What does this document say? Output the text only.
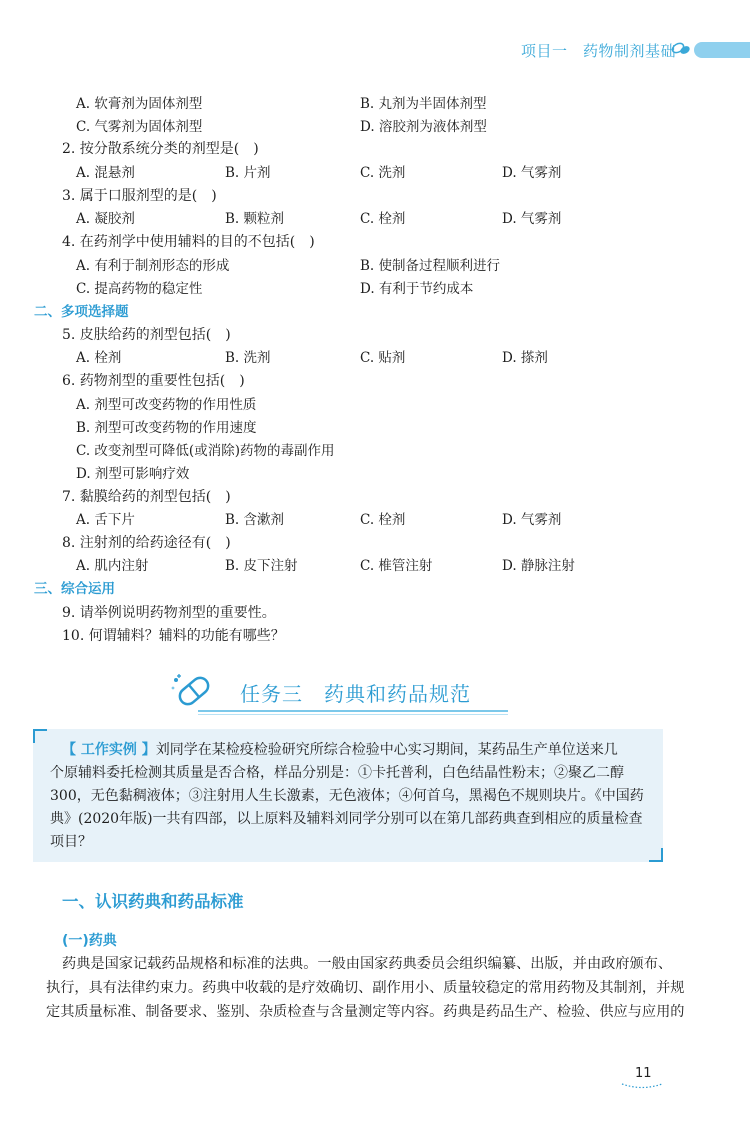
项目一　药物制剂基础
A. 软膏剂为固体剂型	B. 丸剂为半固体剂型
C. 气雾剂为固体剂型	D. 溶胶剂为液体剂型
2. 按分散系统分类的剂型是(　)
A. 混悬剂	B. 片剂	C. 洗剂	D. 气雾剂
3. 属于口服剂型的是(　)
A. 凝胶剂	B. 颗粒剂	C. 栓剂	D. 气雾剂
4. 在药剂学中使用辅料的目的不包括(　)
A. 有利于制剂形态的形成	B. 使制备过程顺利进行
C. 提高药物的稳定性	D. 有利于节约成本
二、多项选择题
5. 皮肤给药的剂型包括(　)
A. 栓剂	B. 洗剂	C. 贴剂	D. 搽剂
6. 药物剂型的重要性包括(　)
A. 剂型可改变药物的作用性质
B. 剂型可改变药物的作用速度
C. 改变剂型可降低(或消除)药物的毒副作用
D. 剂型可影响疗效
7. 黏膜给药的剂型包括(　)
A. 舌下片	B. 含漱剂	C. 栓剂	D. 气雾剂
8. 注射剂的给药途径有(　)
A. 肌内注射	B. 皮下注射	C. 椎管注射	D. 静脉注射
三、综合运用
9. 请举例说明药物剂型的重要性。
10. 何谓辅料？辅料的功能有哪些？
任务三　药典和药品规范
【 工作实例 】刘同学在某检疫检验研究所综合检验中心实习期间，某药品生产单位送来几
个原辅料委托检测其质量是否合格，样品分别是：①卡托普利，白色结晶性粉末；②聚乙二醇
300，无色黏稠液体；③注射用人生长激素，无色液体；④何首乌，黑褐色不规则块片。《中国药
典》(2020年版)一共有四部，以上原料及辅料刘同学分别可以在第几部药典查到相应的质量检查
项目？
一、认识药典和药品标准
(一)药典
药典是国家记载药品规格和标准的法典。一般由国家药典委员会组织编纂、出版，并由政府颁布、
执行，具有法律约束力。药典中收载的是疗效确切、副作用小、质量较稳定的常用药物及其制剂，并规
定其质量标准、制备要求、鉴别、杂质检查与含量测定等内容。药典是药品生产、检验、供应与应用的
11
